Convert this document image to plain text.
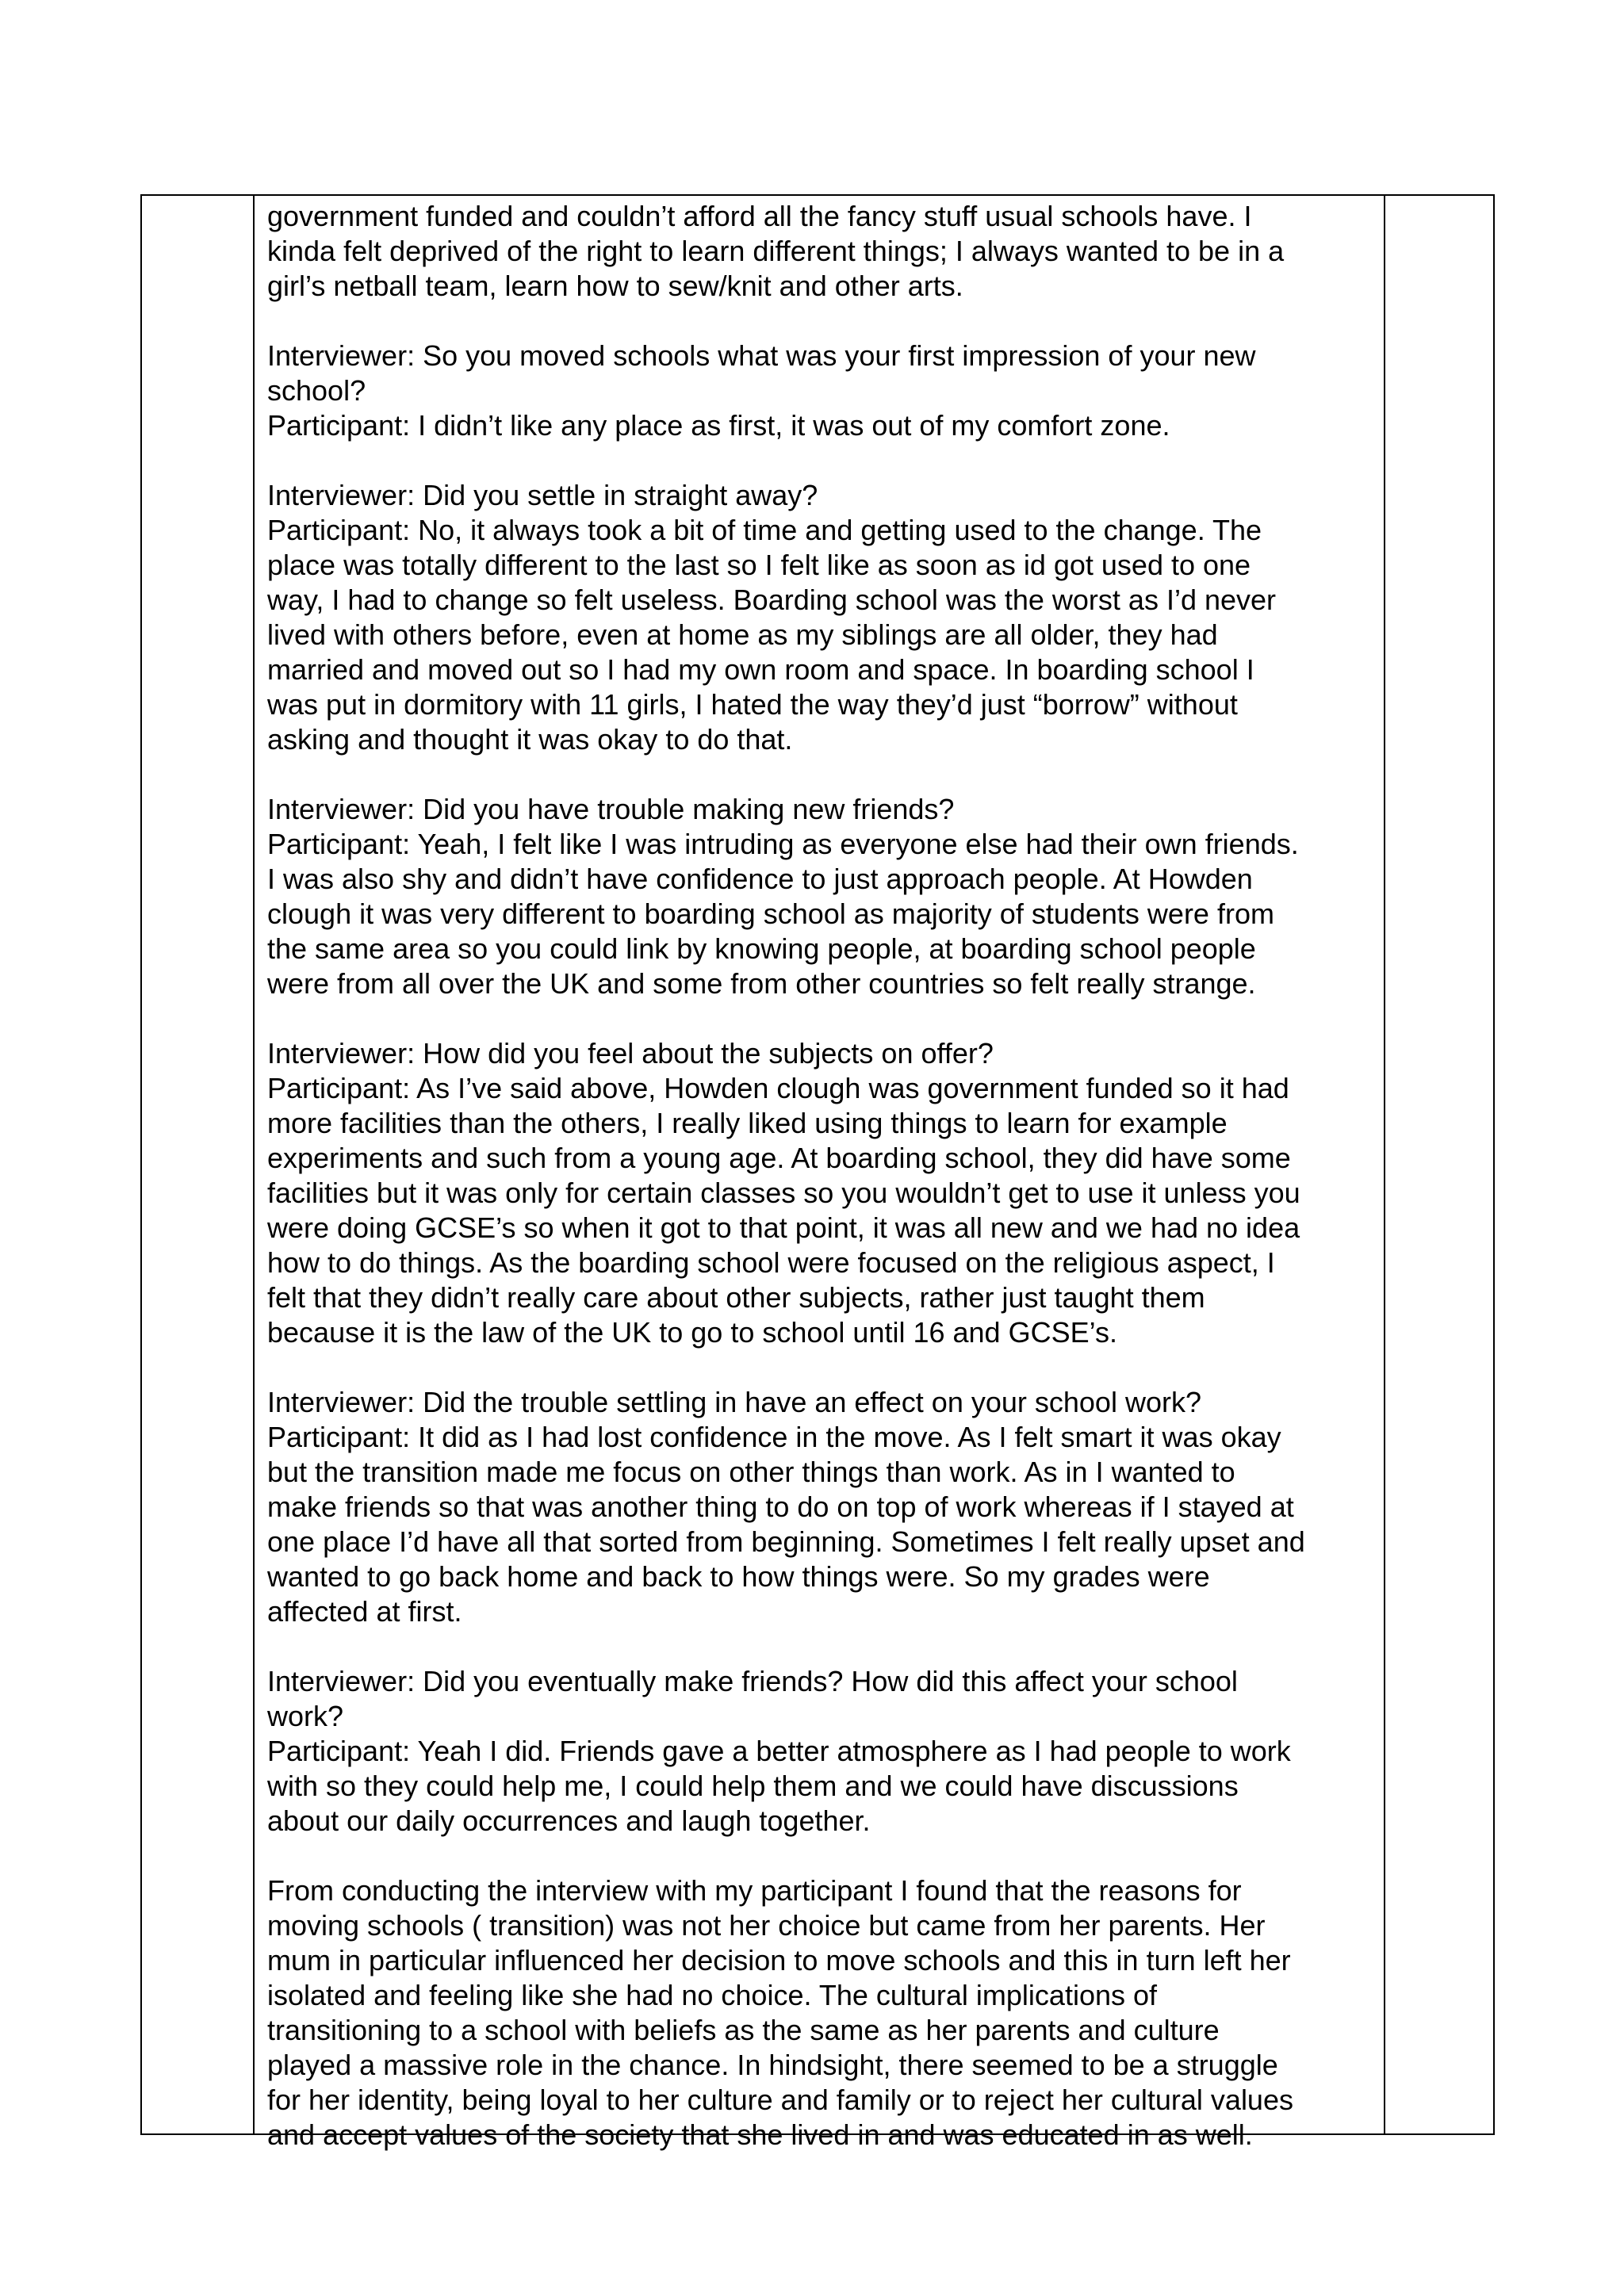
government funded and couldn’t afford all the fancy stuff usual schools have. I
kinda felt deprived of the right to learn different things; I always wanted to be in a
girl’s netball team, learn how to sew/knit and other arts.
Interviewer: So you moved schools what was your first impression of your new
school?
Participant: I didn’t like any place as first, it was out of my comfort zone.
Interviewer: Did you settle in straight away?
Participant: No, it always took a bit of time and getting used to the change. The
place was totally different to the last so I felt like as soon as id got used to one
way, I had to change so felt useless. Boarding school was the worst as I’d never
lived with others before, even at home as my siblings are all older, they had
married and moved out so I had my own room and space. In boarding school I
was put in dormitory with 11 girls, I hated the way they’d just “borrow” without
asking and thought it was okay to do that.
Interviewer: Did you have trouble making new friends?
Participant: Yeah, I felt like I was intruding as everyone else had their own friends.
I was also shy and didn’t have confidence to just approach people. At Howden
clough it was very different to boarding school as majority of students were from
the same area so you could link by knowing people, at boarding school people
were from all over the UK and some from other countries so felt really strange.
Interviewer: How did you feel about the subjects on offer?
Participant: As I’ve said above, Howden clough was government funded so it had
more facilities than the others, I really liked using things to learn for example
experiments and such from a young age. At boarding school, they did have some
facilities but it was only for certain classes so you wouldn’t get to use it unless you
were doing GCSE’s so when it got to that point, it was all new and we had no idea
how to do things. As the boarding school were focused on the religious aspect, I
felt that they didn’t really care about other subjects, rather just taught them
because it is the law of the UK to go to school until 16 and GCSE’s.
Interviewer: Did the trouble settling in have an effect on your school work?
Participant: It did as I had lost confidence in the move. As I felt smart it was okay
but the transition made me focus on other things than work. As in I wanted to
make friends so that was another thing to do on top of work whereas if I stayed at
one place I’d have all that sorted from beginning. Sometimes I felt really upset and
wanted to go back home and back to how things were. So my grades were
affected at first.
Interviewer: Did you eventually make friends? How did this affect your school
work?
Participant: Yeah I did. Friends gave a better atmosphere as I had people to work
with so they could help me, I could help them and we could have discussions
about our daily occurrences and laugh together.
From conducting the interview with my participant I found that the reasons for
moving schools ( transition) was not her choice but came from her parents. Her
mum in particular influenced her decision to move schools and this in turn left her
isolated and feeling like she had no choice. The cultural implications of
transitioning to a school with beliefs as the same as her parents and culture
played a massive role in the chance. In hindsight, there seemed to be a struggle
for her identity, being loyal to her culture and family or to reject her cultural values
and accept values of the society that she lived in and was educated in as well.
